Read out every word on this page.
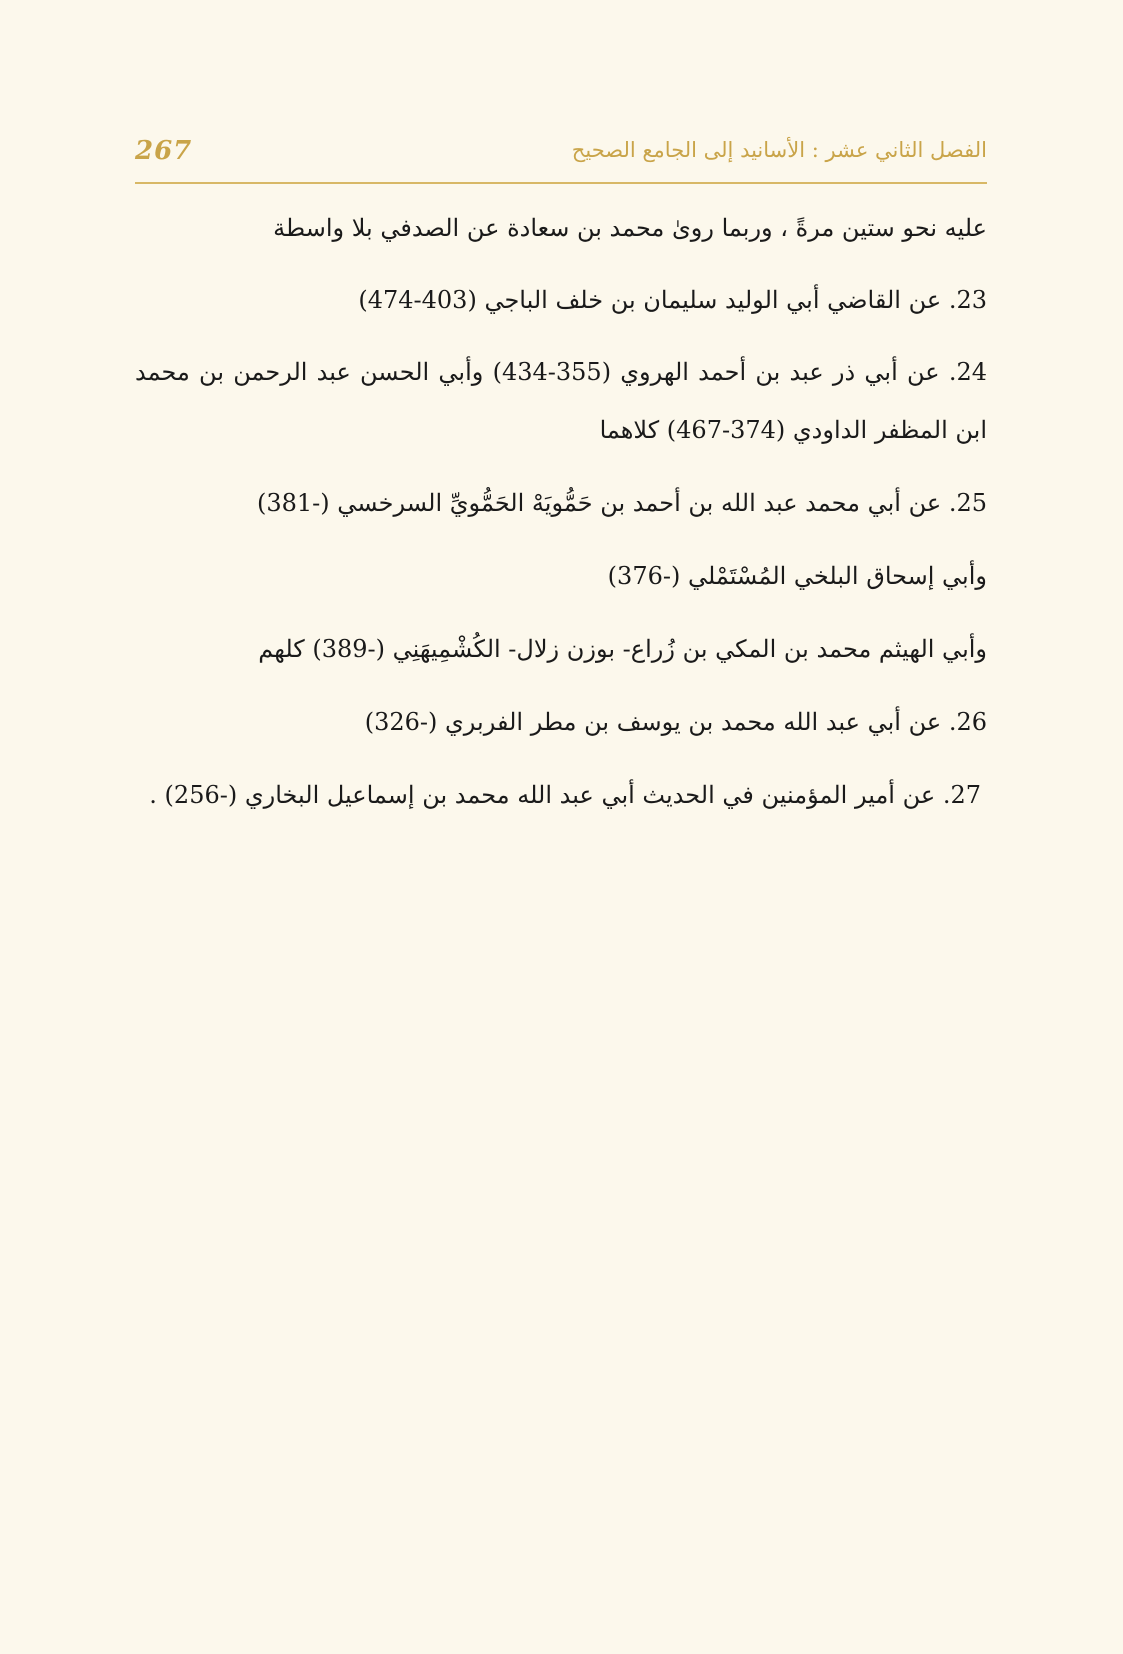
267	الفصل الثاني عشر : الأسانيد إلى الجامع الصحيح
عليه نحو ستين مرةً ، وربما روىٰ محمد بن سعادة عن الصدفي بلا واسطة
23. عن القاضي أبي الوليد سليمان بن خلف الباجي (403-474)
24. عن أبي ذر عبد بن أحمد الهروي (355-434) وأبي الحسن عبد الرحمن بن محمد
ابن المظفر الداودي (374-467) كلاهما
25. عن أبي محمد عبد الله بن أحمد بن حَمُّويَهْ الحَمُّويِّ السرخسي (-381)
وأبي إسحاق البلخي المُسْتَمْلي (-376)
وأبي الهيثم محمد بن المكي بن زُراع- بوزن زلال- الكُشْمِيهَنِي (-389) كلهم
26. عن أبي عبد الله محمد بن يوسف بن مطر الفربري (-326)
27. عن أمير المؤمنين في الحديث أبي عبد الله محمد بن إسماعيل البخاري (-256) .
